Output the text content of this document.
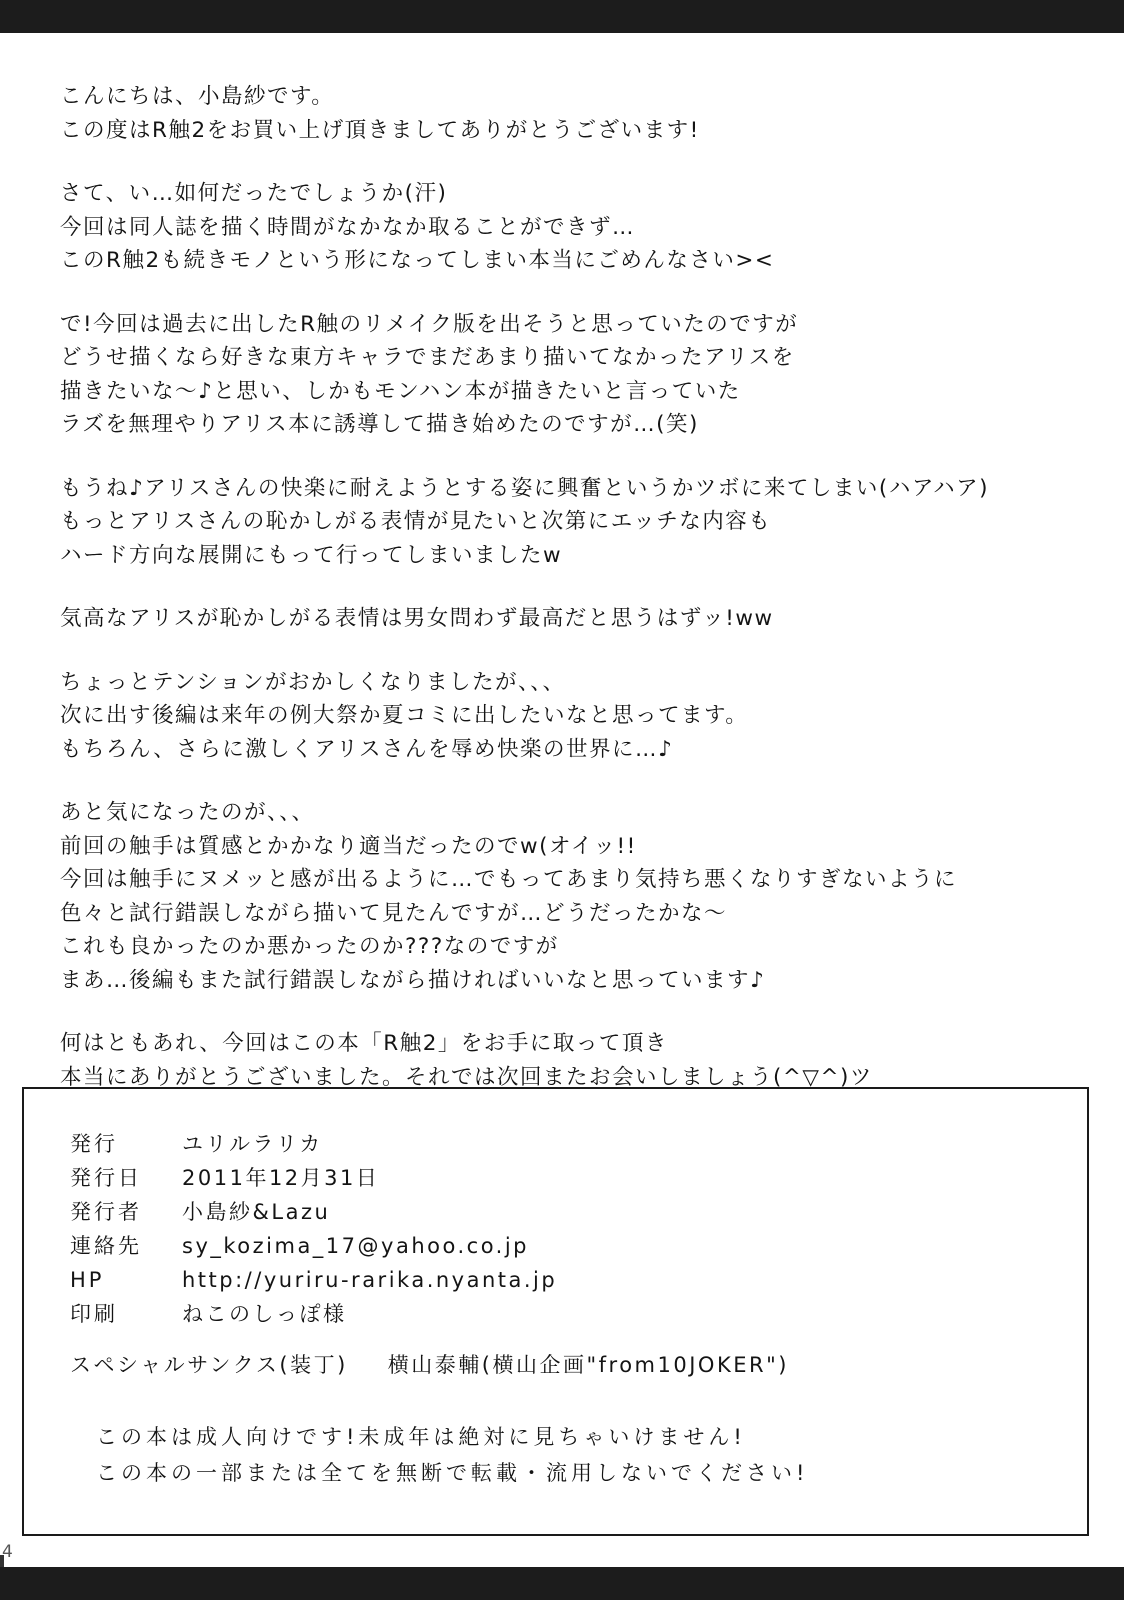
こんにちは、小島紗です。
この度はR触2をお買い上げ頂きましてありがとうございます!
さて、い…如何だったでしょうか(汗)
今回は同人誌を描く時間がなかなか取ることができず…
このR触2も続きモノという形になってしまい本当にごめんなさい><
で!今回は過去に出したR触のリメイク版を出そうと思っていたのですが
どうせ描くなら好きな東方キャラでまだあまり描いてなかったアリスを
描きたいな〜♪と思い、しかもモンハン本が描きたいと言っていた
ラズを無理やりアリス本に誘導して描き始めたのですが…(笑)
もうね♪アリスさんの快楽に耐えようとする姿に興奮というかツボに来てしまい(ハアハア)
もっとアリスさんの恥かしがる表情が見たいと次第にエッチな内容も
ハード方向な展開にもって行ってしまいましたw
気高なアリスが恥かしがる表情は男女問わず最高だと思うはずッ!ww
ちょっとテンションがおかしくなりましたが、、、
次に出す後編は来年の例大祭か夏コミに出したいなと思ってます。
もちろん、さらに激しくアリスさんを辱め快楽の世界に…♪
あと気になったのが、、、
前回の触手は質感とかかなり適当だったのでw(オイッ!!
今回は触手にヌメッと感が出るように…でもってあまり気持ち悪くなりすぎないように
色々と試行錯誤しながら描いて見たんですが…どうだったかな〜
これも良かったのか悪かったのか???なのですが
まあ…後編もまた試行錯誤しながら描ければいいなと思っています♪
何はともあれ、今回はこの本「R触2」をお手に取って頂き
本当にありがとうございました。それでは次回またお会いしましょう(^▽^)ツ
発行	ユリルラリカ
発行日	2011年12月31日
発行者	小島紗&Lazu
連絡先	sy_kozima_17@yahoo.co.jp
HP	http://yuriru-rarika.nyanta.jp
印刷	ねこのしっぽ様
スペシャルサンクス(装丁) 横山泰輔(横山企画"from10JOKER")
この本は成人向けです!未成年は絶対に見ちゃいけません!
この本の一部または全てを無断で転載・流用しないでください!
4
